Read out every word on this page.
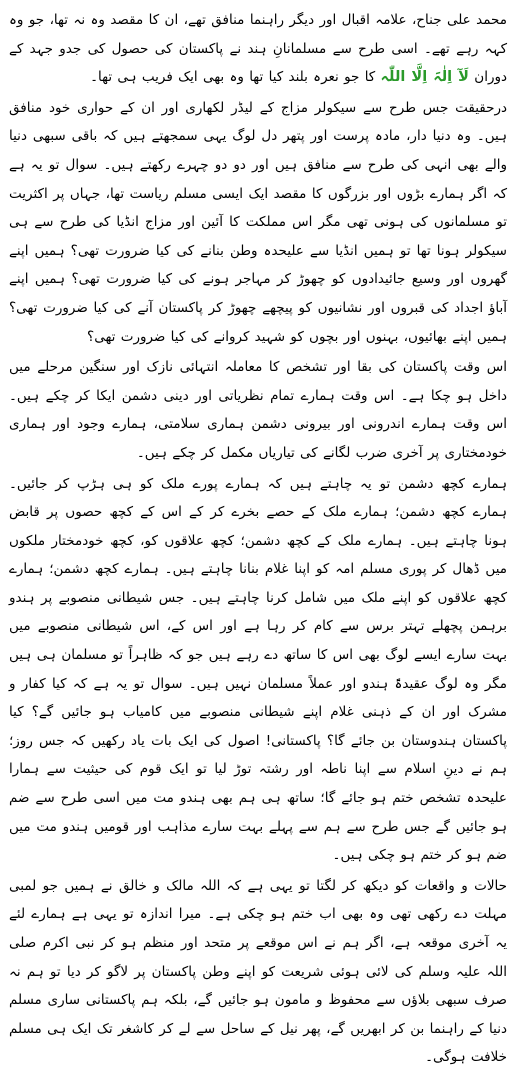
محمد علی جناح، علامہ اقبال اور دیگر راہنما منافق تھے، ان کا مقصد وہ نہ تھا، جو وہ کہہ رہے تھے۔ اسی طرح سے مسلمانانِ ہند نے پاکستان کی حصول کی جدو جہد کے دوران لَآ اِلٰہَ اِلَّا اللّٰہ کا جو نعرہ بلند کیا تھا وہ بھی ایک فریب ہی تھا۔

درحقیقت جس طرح سے سیکولر مزاج کے لیڈر لکھاری اور ان کے حواری خود منافق ہیں۔ وہ دنیا دار، مادہ پرست اور پتھر دل لوگ یہی سمجھتے ہیں کہ باقی سبھی دنیا والے بھی انہی کی طرح سے منافق ہیں اور دو دو چہرے رکھتے ہیں۔ سوال تو یہ ہے کہ اگر ہمارے بڑوں اور بزرگوں کا مقصد ایک ایسی مسلم ریاست تھا، جہاں پر اکثریت تو مسلمانوں کی ہونی تھی مگر اس مملکت کا آئین اور مزاج انڈیا کی طرح سے ہی سیکولر ہونا تھا تو ہمیں انڈیا سے علیحدہ وطن بنانے کی کیا ضرورت تھی؟ ہمیں اپنے گھروں اور وسیع جائیدادوں کو چھوڑ کر مہاجر ہونے کی کیا ضرورت تھی؟ ہمیں اپنے آباؤ اجداد کی قبروں اور نشانیوں کو پیچھے چھوڑ کر پاکستان آنے کی کیا ضرورت تھی؟ ہمیں اپنے بھائیوں، بہنوں اور بچوں کو شہید کروانے کی کیا ضرورت تھی؟

اس وقت پاکستان کی بقا اور تشخص کا معاملہ انتہائی نازک اور سنگین مرحلے میں داخل ہو چکا ہے۔ اس وقت ہمارے تمام نظریاتی اور دینی دشمن ایکا کر چکے ہیں۔ اس وقت ہمارے اندرونی اور بیرونی دشمن ہماری سلامتی، ہمارے وجود اور ہماری خودمختاری پر آخری ضرب لگانے کی تیاریاں مکمل کر چکے ہیں۔

ہمارے کچھ دشمن تو یہ چاہتے ہیں کہ ہمارے پورے ملک کو ہی ہڑپ کر جائیں۔ ہمارے کچھ دشمن؛ ہمارے ملک کے حصے بخرے کر کے اس کے کچھ حصوں پر قابض ہونا چاہتے ہیں۔ ہمارے ملک کے کچھ دشمن؛ کچھ علاقوں کو، کچھ خودمختار ملکوں میں ڈھال کر پوری مسلم امہ کو اپنا غلام بنانا چاہتے ہیں۔ ہمارے کچھ دشمن؛ ہمارے کچھ علاقوں کو اپنے ملک میں شامل کرنا چاہتے ہیں۔ جس شیطانی منصوبے پر ہندو برہمن پچھلے تہتر برس سے کام کر رہا ہے اور اس کے، اس شیطانی منصوبے میں بہت سارے ایسے لوگ بھی اس کا ساتھ دے رہے ہیں جو کہ ظاہراً تو مسلمان ہی ہیں مگر وہ لوگ عقیدۃً ہندو اور عملاً مسلمان نہیں ہیں۔ سوال تو یہ ہے کہ کیا کفار و مشرک اور ان کے ذہنی غلام اپنے شیطانی منصوبے میں کامیاب ہو جائیں گے؟ کیا پاکستان ہندوستان بن جائے گا؟ پاکستانی! اصول کی ایک بات یاد رکھیں کہ جس روز؛ ہم نے دینِ اسلام سے اپنا ناطہ اور رشتہ توڑ لیا تو ایک قوم کی حیثیت سے ہمارا علیحدہ تشخص ختم ہو جائے گا؛ ساتھ ہی ہم بھی ہندو مت میں اسی طرح سے ضم ہو جائیں گے جس طرح سے ہم سے پہلے بہت سارے مذاہب اور قومیں ہندو مت میں ضم ہو کر ختم ہو چکی ہیں۔

حالات و واقعات کو دیکھ کر لگتا تو یہی ہے کہ اللہ مالک و خالق نے ہمیں جو لمبی مہلت دے رکھی تھی وہ بھی اب ختم ہو چکی ہے۔ میرا اندازہ تو یہی ہے ہمارے لئے یہ آخری موقعہ ہے، اگر ہم نے اس موقعے پر متحد اور منظم ہو کر نبی اکرم صلی اللہ علیہ وسلم کی لائی ہوئی شریعت کو اپنے وطن پاکستان پر لاگو کر دیا تو ہم نہ صرف سبھی بلاؤں سے محفوظ و مامون ہو جائیں گے، بلکہ ہم پاکستانی ساری مسلم دنیا کے راہنما بن کر ابھریں گے، پھر نیل کے ساحل سے لے کر کاشغر تک ایک ہی مسلم خلافت ہوگی۔
